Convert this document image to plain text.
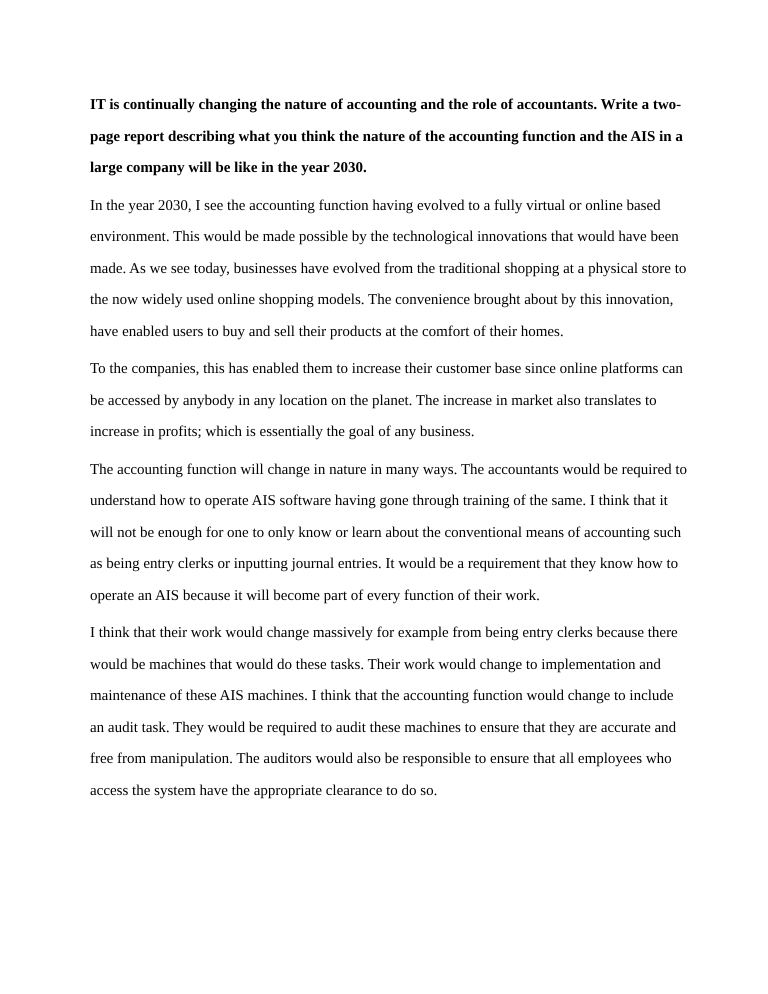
IT is continually changing the nature of accounting and the role of accountants. Write a two-page report describing what you think the nature of the accounting function and the AIS in a large company will be like in the year 2030.

In the year 2030, I see the accounting function having evolved to a fully virtual or online based environment. This would be made possible by the technological innovations that would have been made. As we see today, businesses have evolved from the traditional shopping at a physical store to the now widely used online shopping models. The convenience brought about by this innovation, have enabled users to buy and sell their products at the comfort of their homes.

To the companies, this has enabled them to increase their customer base since online platforms can be accessed by anybody in any location on the planet. The increase in market also translates to increase in profits; which is essentially the goal of any business.

The accounting function will change in nature in many ways. The accountants would be required to understand how to operate AIS software having gone through training of the same. I think that it will not be enough for one to only know or learn about the conventional means of accounting such as being entry clerks or inputting journal entries. It would be a requirement that they know how to operate an AIS because it will become part of every function of their work.

I think that their work would change massively for example from being entry clerks because there would be machines that would do these tasks. Their work would change to implementation and maintenance of these AIS machines. I think that the accounting function would change to include an audit task. They would be required to audit these machines to ensure that they are accurate and free from manipulation. The auditors would also be responsible to ensure that all employees who access the system have the appropriate clearance to do so.
